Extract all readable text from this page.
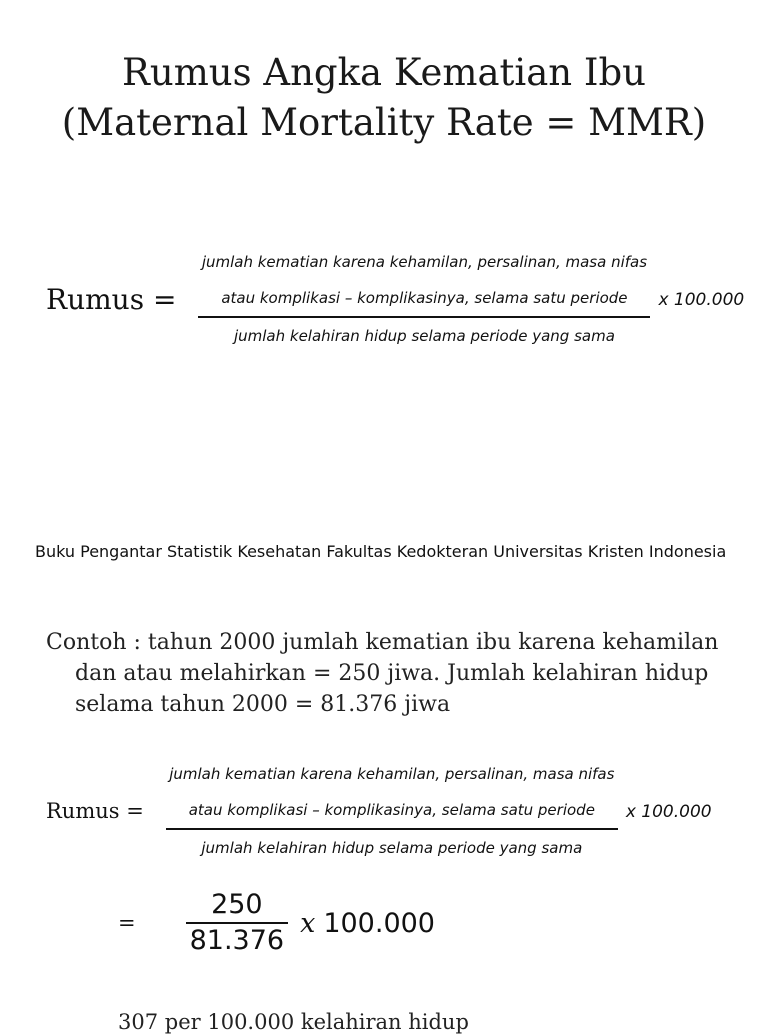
Rumus Angka Kematian Ibu
(Maternal Mortality Rate = MMR)
Rumus =
jumlah kematian karena kehamilan, persalinan, masa nifas
atau komplikasi – komplikasinya, selama satu periode
jumlah kelahiran hidup selama periode yang sama
x 100.000
Buku Pengantar Statistik Kesehatan Fakultas Kedokteran Universitas Kristen Indonesia

Contoh : tahun 2000 jumlah kematian ibu karena kehamilan dan atau melahirkan = 250 jiwa. Jumlah kelahiran hidup selama tahun 2000 = 81.376 jiwa

Rumus =
jumlah kematian karena kehamilan, persalinan, masa nifas
atau komplikasi – komplikasinya, selama satu periode
jumlah kelahiran hidup selama periode yang sama
x 100.000
= $\frac{250}{81.376}$ x 100.000
307 per 100.000 kelahiran hidup
